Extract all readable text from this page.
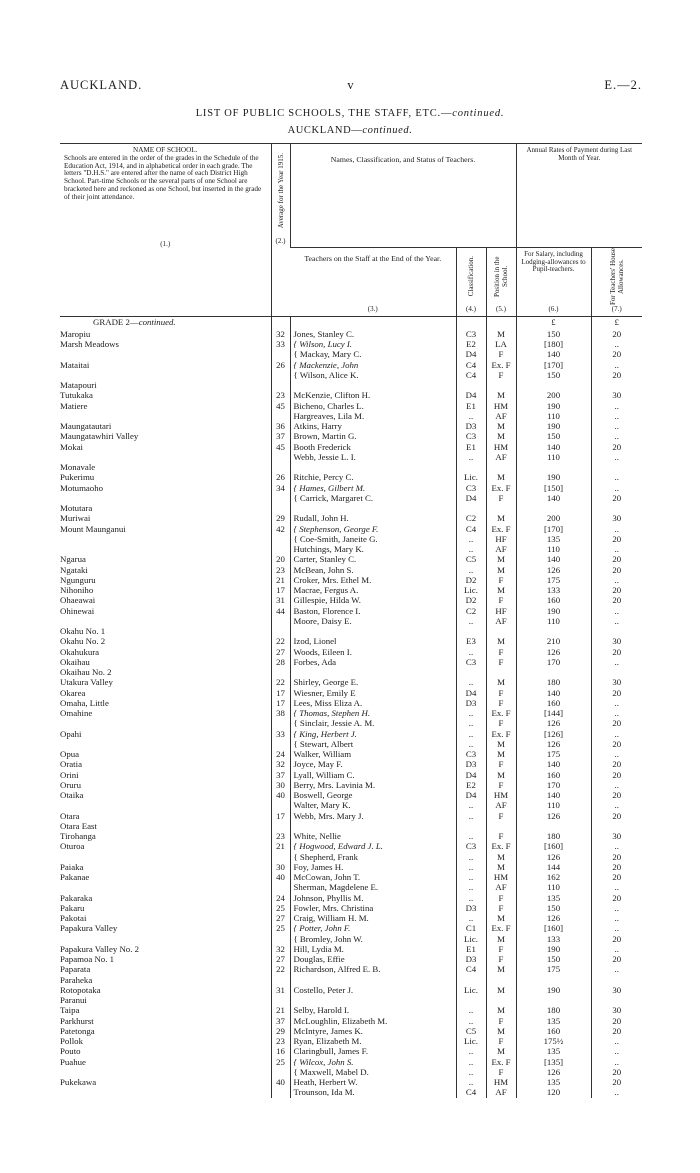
AUCKLAND.	v	E.—2.
LIST OF PUBLIC SCHOOLS, THE STAFF, ETC.—continued.
AUCKLAND—continued.
NAME OF SCHOOL.
Schools are entered in the order of the grades in the Schedule of the Education Act, 1914, and in alphabetical order in each grade. The letters "D.H.S." are entered after the name of each District High School. Part-time Schools or the several parts of one School are bracketed here and reckoned as one School, but inserted in the grade of their joint attendance.
(1.)	Average for the Year 1915.
(2.)	Names, Classification, and Status of Teachers.			Annual Rates of Payment during Last Month of Year.	

		Teachers on the Staff at the End of the Year.
(3.)	Classification.
(4.)	Position in the School.
(5.)	For Salary, including Lodging-allowances to Pupil-teachers.
(6.)	For Teachers' House Allowances.
(7.)

GRADE 2—continued.					£	£
Maropiu	32	Jones, Stanley C.	C3	M	150	20
Marsh Meadows	33	{ Wilson, Lucy I.	E2	LA	[180]	..
		{ Mackay, Mary C.	D4	F	140	20
Mataitai	26	{ Mackenzie, John	C4	Ex. F	[170]	..
		{ Wilson, Alice K.	C4	F	150	20
Matapouri						
Tutukaka	23	McKenzie, Clifton H.	D4	M	200	30
Matiere	45	Bicheno, Charles L.	E1	HM	190	..
		Hargreaves, Lila M.	..	AF	110	..
Maungatautari	36	Atkins, Harry	D3	M	190	..
Maungatawhiri Valley	37	Brown, Martin G.	C3	M	150	..
Mokai	45	Booth Frederick	E1	HM	140	20
		Webb, Jessie L. I.	..	AF	110	..
Monavale						
Pukerimu	26	Ritchie, Percy C.	Lic.	M	190	..
Motumaoho	34	{ Hames, Gilbert M.	C3	Ex. F	[150]	..
		{ Carrick, Margaret C.	D4	F	140	20
Motutara						
Muriwai	29	Rudall, John H.	C2	M	200	30
Mount Maunganui	42	{ Stephenson, George F.	C4	Ex. F	[170]	..
		{ Coe-Smith, Janeite G.	..	HF	135	20
		Hutchings, Mary K.	..	AF	110	..
Ngarua	20	Carter, Stanley C.	C5	M	140	20
Ngataki	23	McBean, John S.	..	M	126	20
Ngunguru	21	Croker, Mrs. Ethel M.	D2	F	175	..
Nihoniho	17	Macrae, Fergus A.	Lic.	M	133	20
Ohaeawai	31	Gillespie, Hilda W.	D2	F	160	20
Ohinewai	44	Baston, Florence I.	C2	HF	190	..
		Moore, Daisy E.	..	AF	110	..
Okahu No. 1						
Okahu No. 2	22	Izod, Lionel	E3	M	210	30
Okahukura	27	Woods, Eileen I.	..	F	126	20
Okaihau	28	Forbes, Ada	C3	F	170	..
Okaihau No. 2						
Utakura Valley	22	Shirley, George E.	..	M	180	30
Okarea	17	Wiesner, Emily E	D4	F	140	20
Omaha, Little	17	Lees, Miss Eliza A.	D3	F	160	..
Omahine	38	{ Thomas, Stephen H.	..	Ex. F	[144]	..
		{ Sinclair, Jessie A. M.	..	F	126	20
Opahi	33	{ King, Herbert J.	..	Ex. F	[126]	..
		{ Stewart, Albert	..	M	126	20
Opua	24	Walker, William	C3	M	175	..
Oratia	32	Joyce, May F.	D3	F	140	20
Orini	37	Lyall, William C.	D4	M	160	20
Oruru	30	Berry, Mrs. Lavinia M.	E2	F	170	..
Otaika	40	Boswell, George	D4	HM	140	20
		Walter, Mary K.	..	AF	110	..
Otara	17	Webb, Mrs. Mary J.	..	F	126	20
Otara East						
Tirohanga	23	White, Nellie	..	F	180	30
Oturoa	21	{ Hogwood, Edward J. L.	C3	Ex. F	[160]	..
		{ Shepherd, Frank	..	M	126	20
Paiaka	30	Foy, James H.	..	M	144	20
Pakanae	40	McCowan, John T.	..	HM	162	20
		Sherman, Magdelene E.	..	AF	110	..
Pakaraka	24	Johnson, Phyllis M.	..	F	135	20
Pakaru	25	Fowler, Mrs. Christina	D3	F	150	..
Pakotai	27	Craig, William H. M.	..	M	126	..
Papakura Valley	25	{ Potter, John F.	C1	Ex. F	[160]	..
		{ Bromley, John W.	Lic.	M	133	20
Papakura Valley No. 2	32	Hill, Lydia M.	E1	F	190	..
Papamoa No. 1	27	Douglas, Effie	D3	F	150	20
Paparata	22	Richardson, Alfred E. B.	C4	M	175	..
Paraheka						
Rotopotaka	31	Costello, Peter J.	Lic.	M	190	30
Paranui						
Taipa	21	Selby, Harold I.	..	M	180	30
Parkhurst	37	McLoughlin, Elizabeth M.	..	F	135	20
Patetonga	29	McIntyre, James K.	C5	M	160	20
Pollok	23	Ryan, Elizabeth M.	Lic.	F	175½	..
Pouto	16	Claringbull, James F.	..	M	135	..
Puahue	25	{ Wilcox, John S.	..	Ex. F	[135]	..
		{ Maxwell, Mabel D.	..	F	126	20
Pukekawa	40	Heath, Herbert W.	..	HM	135	20
		Trounson, Ida M.	C4	AF	120	..
